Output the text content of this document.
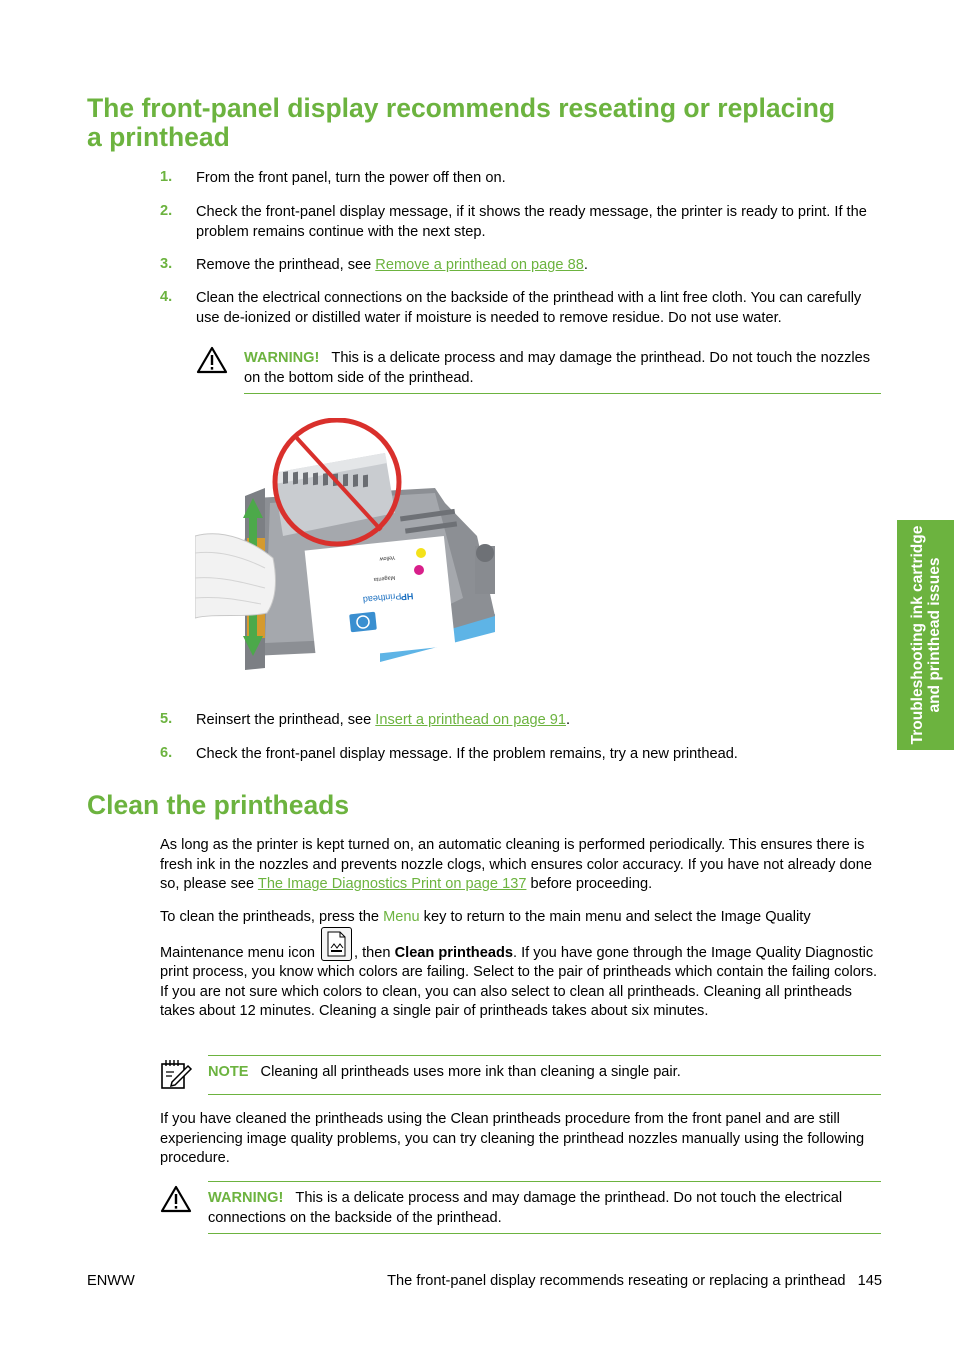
The front-panel display recommends reseating or replacing a printhead
1. From the front panel, turn the power off then on.
2. Check the front-panel display message, if it shows the ready message, the printer is ready to print. If the problem remains continue with the next step.
3. Remove the printhead, see Remove a printhead on page 88.
4. Clean the electrical connections on the backside of the printhead with a lint free cloth. You can carefully use de-ionized or distilled water if moisture is needed to remove residue. Do not use water.
WARNING! This is a delicate process and may damage the printhead. Do not touch the nozzles on the bottom side of the printhead.
Yellow
Magenta
HP
Printhead
5. Reinsert the printhead, see Insert a printhead on page 91.
6. Check the front-panel display message. If the problem remains, try a new printhead.
Clean the printheads
As long as the printer is kept turned on, an automatic cleaning is performed periodically. This ensures there is fresh ink in the nozzles and prevents nozzle clogs, which ensures color accuracy. If you have not already done so, please see The Image Diagnostics Print on page 137 before proceeding.
To clean the printheads, press the Menu key to return to the main menu and select the Image Quality Maintenance menu icon
, then Clean printheads. If you have gone through the Image Quality Diagnostic print process, you know which colors are failing. Select to the pair of printheads which contain the failing colors. If you are not sure which colors to clean, you can also select to clean all printheads. Cleaning all printheads takes about 12 minutes. Cleaning a single pair of printheads takes about six minutes.
NOTE Cleaning all printheads uses more ink than cleaning a single pair.
If you have cleaned the printheads using the Clean printheads procedure from the front panel and are still experiencing image quality problems, you can try cleaning the printhead nozzles manually using the following procedure.
WARNING! This is a delicate process and may damage the printhead. Do not touch the electrical connections on the backside of the printhead.
Troubleshooting ink cartridge and printhead issues
ENWW	The front-panel display recommends reseating or replacing a printhead 145
